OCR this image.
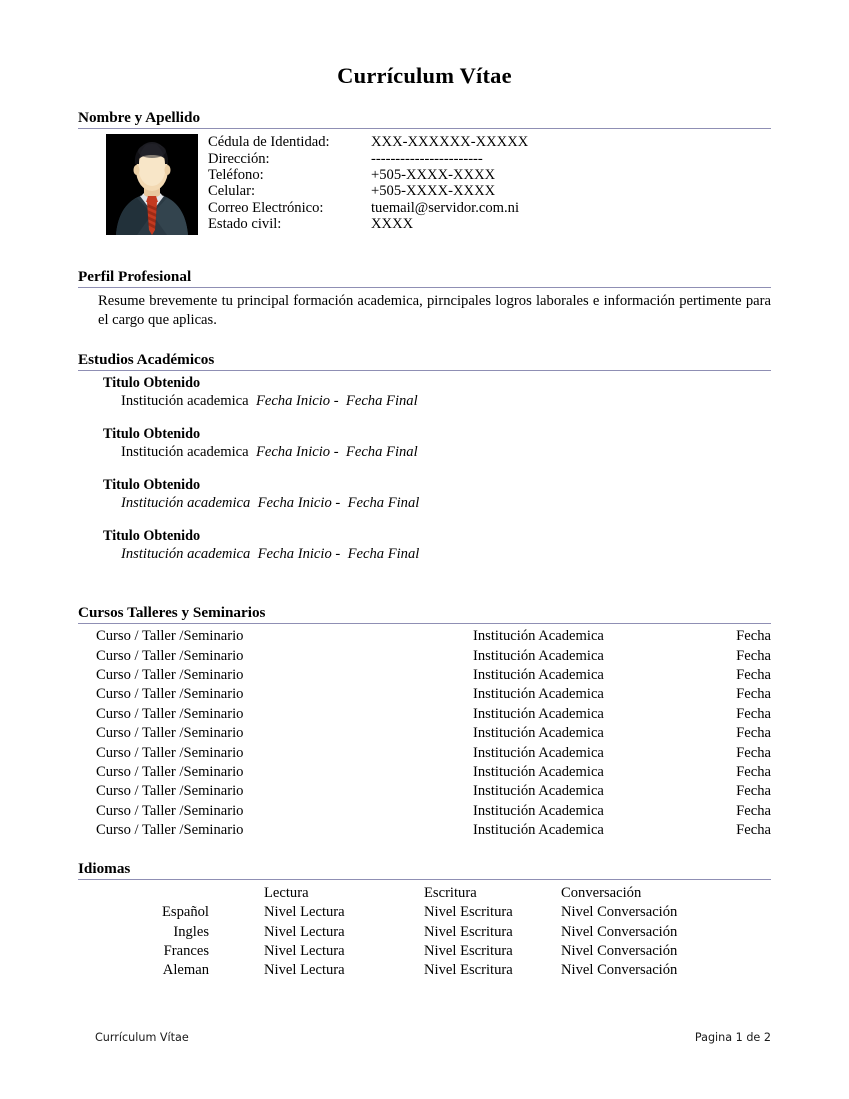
Currículum Vítae
Nombre y Apellido
Cédula de Identidad:	XXX-XXXXXX-XXXXX
Dirección:	-----------------------
Teléfono:	+505-XXXX-XXXX
Celular:	+505-XXXX-XXXX
Correo Electrónico:	tuemail@servidor.com.ni
Estado civil:	XXXX
Perfil Profesional

Resume brevemente tu principal formación academica, pirncipales logros laborales e información pertimente para el cargo que aplicas.

Estudios Académicos
Titulo Obtenido
Institución academica Fecha Inicio - Fecha Final
Titulo Obtenido
Institución academica Fecha Inicio - Fecha Final
Titulo Obtenido
Institución academica Fecha Inicio - Fecha Final
Titulo Obtenido
Institución academica Fecha Inicio - Fecha Final
Cursos Talleres y Seminarios
Curso / Taller /Seminario	Institución Academica	Fecha
Curso / Taller /Seminario	Institución Academica	Fecha
Curso / Taller /Seminario	Institución Academica	Fecha
Curso / Taller /Seminario	Institución Academica	Fecha
Curso / Taller /Seminario	Institución Academica	Fecha
Curso / Taller /Seminario	Institución Academica	Fecha
Curso / Taller /Seminario	Institución Academica	Fecha
Curso / Taller /Seminario	Institución Academica	Fecha
Curso / Taller /Seminario	Institución Academica	Fecha
Curso / Taller /Seminario	Institución Academica	Fecha
Curso / Taller /Seminario	Institución Academica	Fecha
Idiomas
	Lectura	Escritura	Conversación
Español	Nivel Lectura	Nivel Escritura	Nivel Conversación
Ingles	Nivel Lectura	Nivel Escritura	Nivel Conversación
Frances	Nivel Lectura	Nivel Escritura	Nivel Conversación
Aleman	Nivel Lectura	Nivel Escritura	Nivel Conversación
Currículum Vítae	Pagina 1 de 2
